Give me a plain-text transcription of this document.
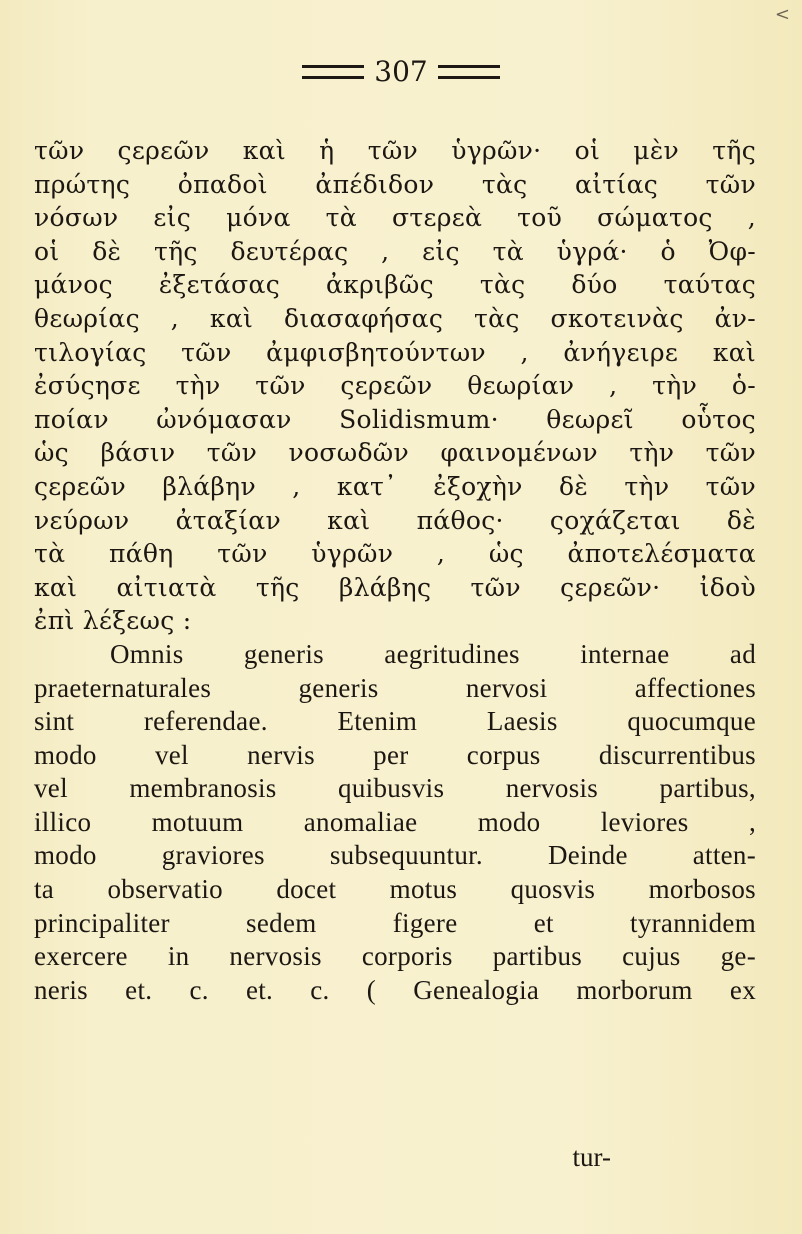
<
307
τῶν ςερεῶν καὶ ἡ τῶν ὑγρῶν· οἱ μὲν τῆς
πρώτης ὀπαδοὶ ἀπέδιδον τὰς αἰτίας τῶν
νόσων εἰς μόνα τὰ στερεὰ τοῦ σώματος ,
οἱ δὲ τῆς δευτέρας , εἰς τὰ ὑγρά· ὁ Ὀφ-
μάνος ἐξετάσας ἀκριβῶς τὰς δύο ταύτας
θεωρίας , καὶ διασαφήσας τὰς σκοτεινὰς ἀν-
τιλογίας τῶν ἀμφισβητούντων , ἀνήγειρε καὶ
ἐσύςησε τὴν τῶν ςερεῶν θεωρίαν , τὴν ὁ-
ποίαν ὠνόμασαν Solidismum· θεωρεῖ οὗτος
ὡς βάσιν τῶν νοσωδῶν φαινομένων τὴν τῶν
ςερεῶν βλάβην , κατ᾽ ἐξοχὴν δὲ τὴν τῶν
νεύρων ἀταξίαν καὶ πάθος· ςοχάζεται δὲ
τὰ πάθη τῶν ὑγρῶν , ὡς ἀποτελέσματα
καὶ αἰτιατὰ τῆς βλάβης τῶν ςερεῶν· ἰδοὺ
ἐπὶ λέξεως :
Omnis generis aegritudines internae ad
praeternaturales generis nervosi affectiones
sint referendae. Etenim Laesis quocumque
modo vel nervis per corpus discurrentibus
vel membranosis quibusvis nervosis partibus,
illico motuum anomaliae modo leviores ,
modo graviores subsequuntur. Deinde atten-
ta observatio docet motus quosvis morbosos
principaliter sedem figere et tyrannidem
exercere in nervosis corporis partibus cujus ge-
neris et. c. et. c. ( Genealogia morborum ex
tur-
